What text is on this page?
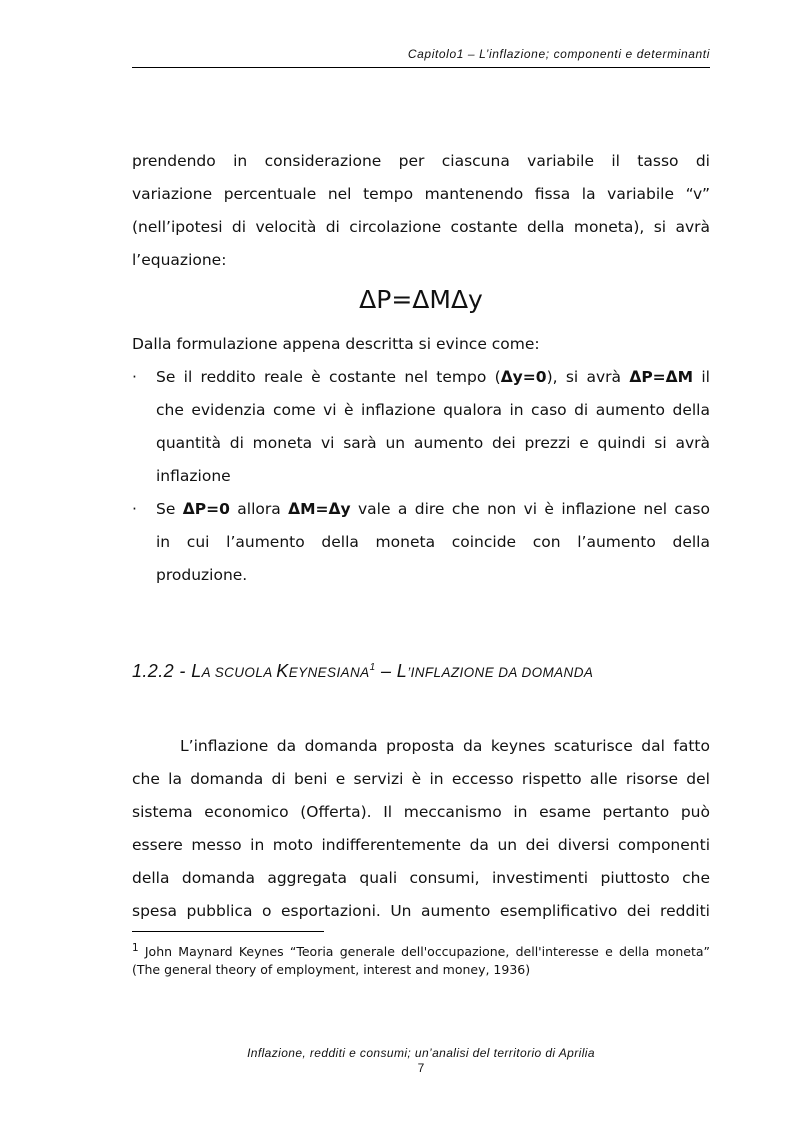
Capitolo1 – L’inflazione; componenti e determinanti
prendendo in considerazione per ciascuna variabile il tasso di
variazione percentuale nel tempo mantenendo fissa la variabile “v”
(nell’ipotesi di velocità di circolazione costante della moneta), si avrà
l’equazione:
ΔP=ΔMΔy
Dalla formulazione appena descritta si evince come:
· Se il reddito reale è costante nel tempo (Δy=0), si avrà ΔP=ΔM il
che evidenzia come vi è inflazione qualora in caso di aumento della
quantità di moneta vi sarà un aumento dei prezzi e quindi si avrà
inflazione
· Se ΔP=0 allora ΔM=Δy vale a dire che non vi è inflazione nel caso
in cui l’aumento della moneta coincide con l’aumento della
produzione.
1.2.2 - LA SCUOLA KEYNESIANA$^1$ – L’INFLAZIONE DA DOMANDA
L’inflazione da domanda proposta da keynes scaturisce dal fatto
che la domanda di beni e servizi è in eccesso rispetto alle risorse del
sistema economico (Offerta). Il meccanismo in esame pertanto può
essere messo in moto indifferentemente da un dei diversi componenti
della domanda aggregata quali consumi, investimenti piuttosto che
spesa pubblica o esportazioni. Un aumento esemplificativo dei redditi
$^1$ John Maynard Keynes “Teoria generale dell'occupazione, dell'interesse e della moneta” (The general theory of employment, interest and money, 1936)
Inflazione, redditi e consumi; un’analisi del territorio di Aprilia
7
